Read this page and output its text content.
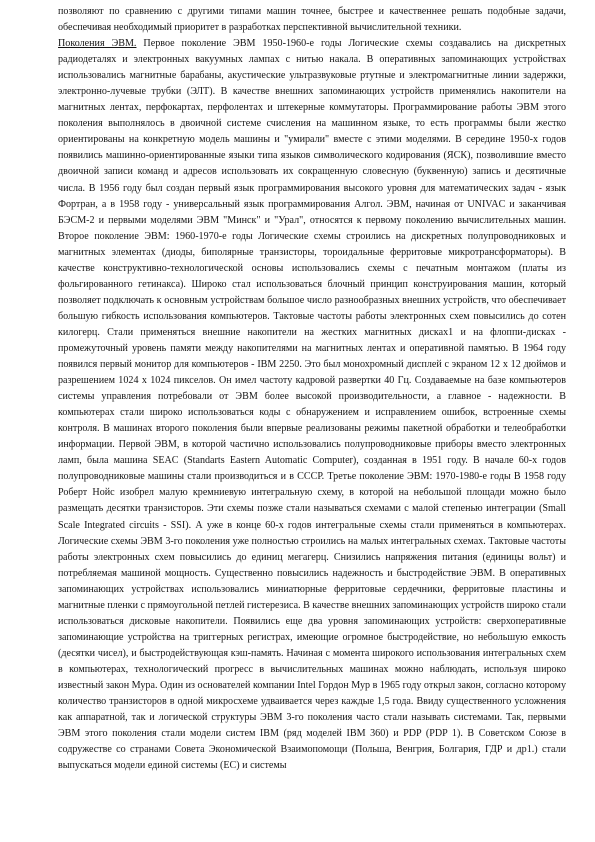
позволяют по сравнению с другими типами машин точнее, быстрее и качественнее решать подобные задачи, обеспечивая необходимый приоритет в разработках перспективной вычислительной техники.

Поколения ЭВМ. Первое поколение ЭВМ 1950-1960-е годы Логические схемы создавались на дискретных радиодеталях и электронных вакуумных лампах с нитью накала. В оперативных запоминающих устройствах использовались магнитные барабаны, акустические ультразвуковые ртутные и электромагнитные линии задержки, электронно-лучевые трубки (ЭЛТ). В качестве внешних запоминающих устройств применялись накопители на магнитных лентах, перфокартах, перфолентах и штекерные коммутаторы. Программирование работы ЭВМ этого поколения выполнялось в двоичной системе счисления на машинном языке, то есть программы были жестко ориентированы на конкретную модель машины и "умирали" вместе с этими моделями. В середине 1950-х годов появились машинно-ориентированные языки типа языков символического кодирования (ЯСК), позволившие вместо двоичной записи команд и адресов использовать их сокращенную словесную (буквенную) запись и десятичные числа. В 1956 году был создан первый язык программирования высокого уровня для математических задач - язык Фортран, а в 1958 году - универсальный язык программирования Алгол. ЭВМ, начиная от UNIVAC и заканчивая БЭСМ-2 и первыми моделями ЭВМ "Минск" и "Урал", относятся к первому поколению вычислительных машин. Второе поколение ЭВМ: 1960-1970-е годы Логические схемы строились на дискретных полупроводниковых и магнитных элементах (диоды, биполярные транзисторы, тороидальные ферритовые микротрансформаторы). В качестве конструктивно-технологической основы использовались схемы с печатным монтажом (платы из фольгированного гетинакса). Широко стал использоваться блочный принцип конструирования машин, который позволяет подключать к основным устройствам большое число разнообразных внешних устройств, что обеспечивает большую гибкость использования компьютеров. Тактовые частоты работы электронных схем повысились до сотен килогерц. Стали применяться внешние накопители на жестких магнитных дисках1 и на флоппи-дисках - промежуточный уровень памяти между накопителями на магнитных лентах и оперативной памятью. В 1964 году появился первый монитор для компьютеров - IBM 2250. Это был монохромный дисплей с экраном 12 х 12 дюймов и разрешением 1024 х 1024 пикселов. Он имел частоту кадровой развертки 40 Гц. Создаваемые на базе компьютеров системы управления потребовали от ЭВМ более высокой производительности, а главное - надежности. В компьютерах стали широко использоваться коды с обнаружением и исправлением ошибок, встроенные схемы контроля. В машинах второго поколения были впервые реализованы режимы пакетной обработки и телеобработки информации. Первой ЭВМ, в которой частично использовались полупроводниковые приборы вместо электронных ламп, была машина SEAC (Standarts Eastern Automatic Computer), созданная в 1951 году. В начале 60-х годов полупроводниковые машины стали производиться и в СССР. Третье поколение ЭВМ: 1970-1980-е годы В 1958 году Роберт Нойс изобрел малую кремниевую интегральную схему, в которой на небольшой площади можно было размещать десятки транзисторов. Эти схемы позже стали называться схемами с малой степенью интеграции (Small Scale Integrated circuits - SSI). А уже в конце 60-х годов интегральные схемы стали применяться в компьютерах. Логические схемы ЭВМ 3-го поколения уже полностью строились на малых интегральных схемах. Тактовые частоты работы электронных схем повысились до единиц мегагерц. Снизились напряжения питания (единицы вольт) и потребляемая машиной мощность. Существенно повысились надежность и быстродействие ЭВМ. В оперативных запоминающих устройствах использовались миниатюрные ферритовые сердечники, ферритовые пластины и магнитные пленки с прямоугольной петлей гистерезиса. В качестве внешних запоминающих устройств широко стали использоваться дисковые накопители. Появились еще два уровня запоминающих устройств: сверхоперативные запоминающие устройства на триггерных регистрах, имеющие огромное быстродействие, но небольшую емкость (десятки чисел), и быстродействующая кэш-память. Начиная с момента широкого использования интегральных схем в компьютерах, технологический прогресс в вычислительных машинах можно наблюдать, используя широко известный закон Мура. Один из основателей компании Intel Гордон Мур в 1965 году открыл закон, согласно которому количество транзисторов в одной микросхеме удваивается через каждые 1,5 года. Ввиду существенного усложнения как аппаратной, так и логической структуры ЭВМ 3-го поколения часто стали называть системами. Так, первыми ЭВМ этого поколения стали модели систем IBM (ряд моделей IBM 360) и PDP (PDP 1). В Советском Союзе в содружестве со странами Совета Экономической Взаимопомощи (Польша, Венгрия, Болгария, ГДР и др1.) стали выпускаться модели единой системы (ЕС) и системы
